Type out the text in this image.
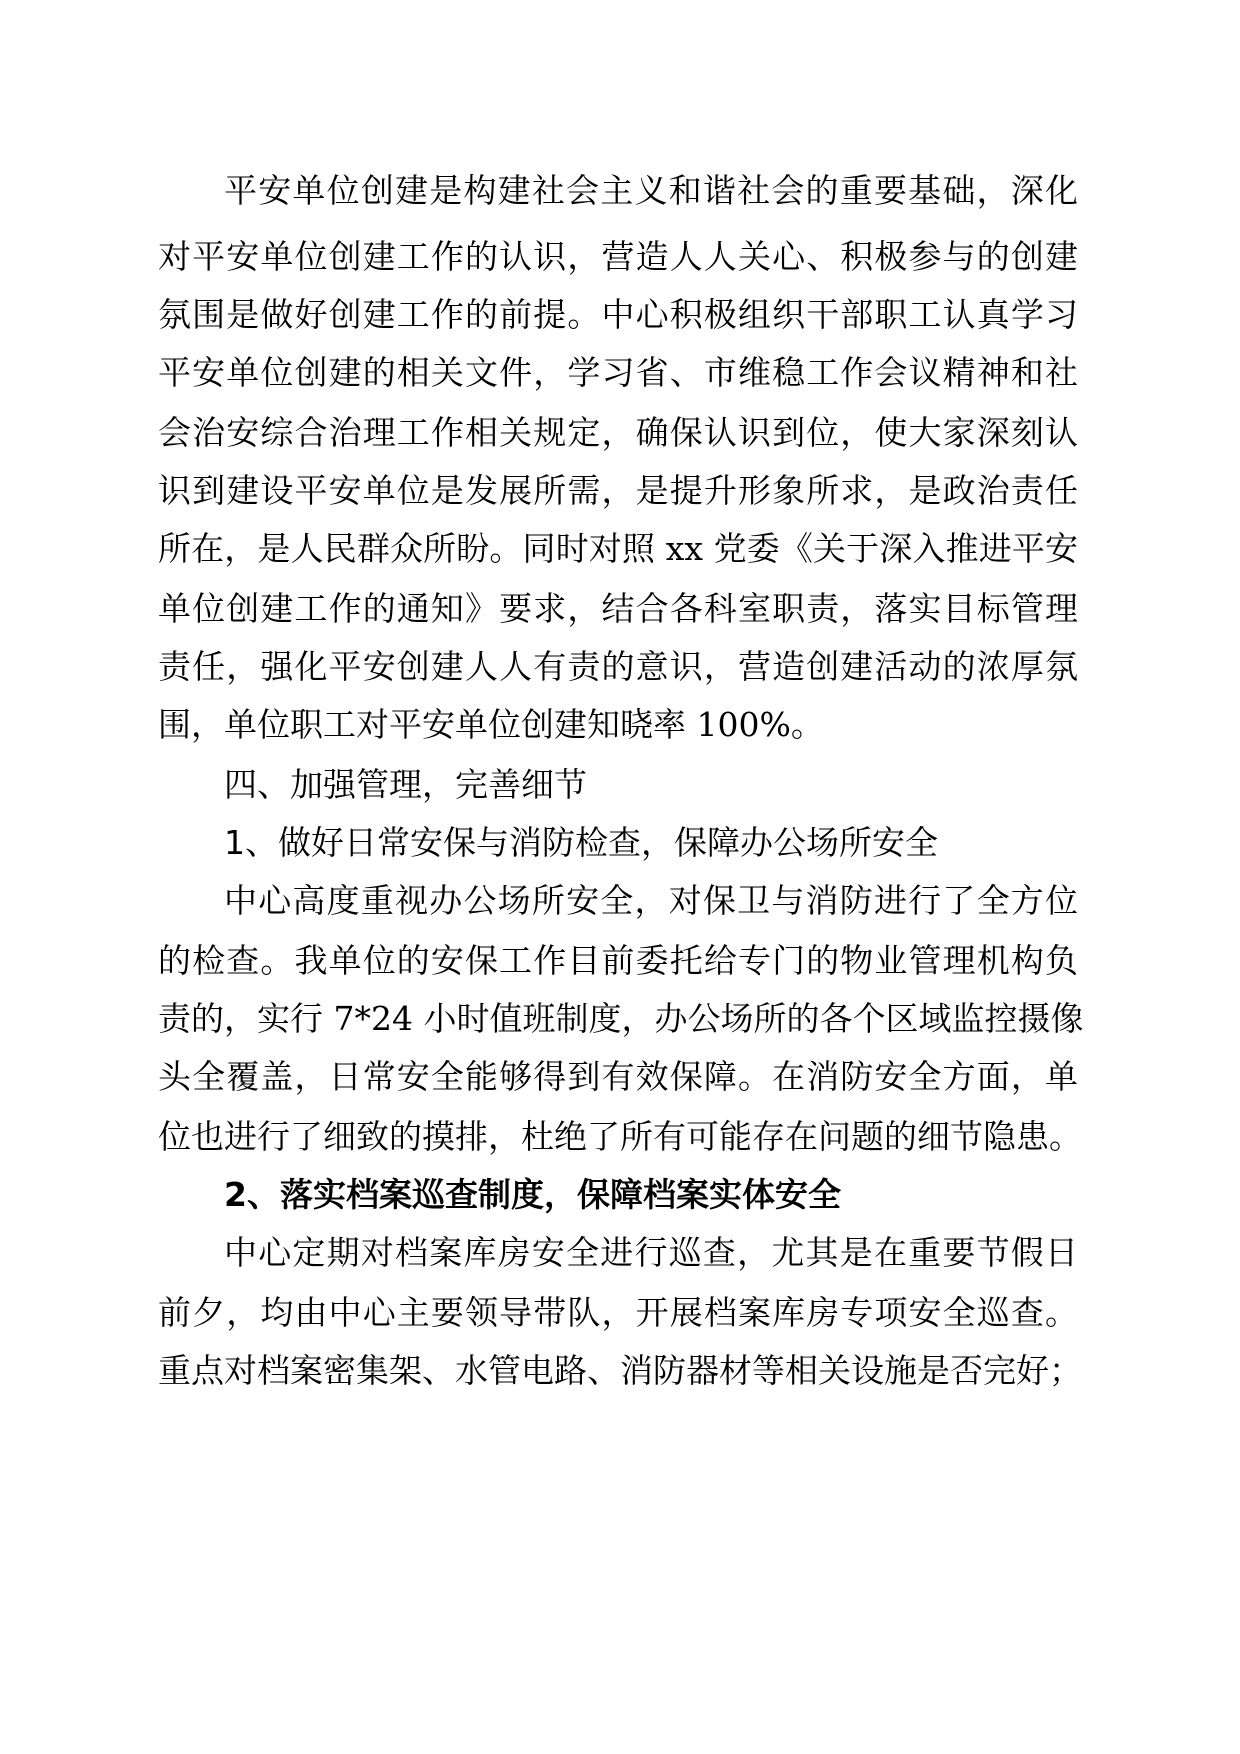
平安单位创建是构建社会主义和谐社会的重要基础，深化
对平安单位创建工作的认识，营造人人关心、积极参与的创建
氛围是做好创建工作的前提。中心积极组织干部职工认真学习
平安单位创建的相关文件，学习省、市维稳工作会议精神和社
会治安综合治理工作相关规定，确保认识到位，使大家深刻认
识到建设平安单位是发展所需，是提升形象所求，是政治责任
所在，是人民群众所盼。同时对照 xx 党委《关于深入推进平安
单位创建工作的通知》要求，结合各科室职责，落实目标管理
责任，强化平安创建人人有责的意识，营造创建活动的浓厚氛
围，单位职工对平安单位创建知晓率 100%。
四、加强管理，完善细节
1、做好日常安保与消防检查，保障办公场所安全
中心高度重视办公场所安全，对保卫与消防进行了全方位
的检查。我单位的安保工作目前委托给专门的物业管理机构负
责的，实行 7*24 小时值班制度，办公场所的各个区域监控摄像
头全覆盖，日常安全能够得到有效保障。在消防安全方面，单
位也进行了细致的摸排，杜绝了所有可能存在问题的细节隐患。
2、落实档案巡查制度，保障档案实体安全
中心定期对档案库房安全进行巡查，尤其是在重要节假日
前夕，均由中心主要领导带队，开展档案库房专项安全巡查。
重点对档案密集架、水管电路、消防器材等相关设施是否完好；
